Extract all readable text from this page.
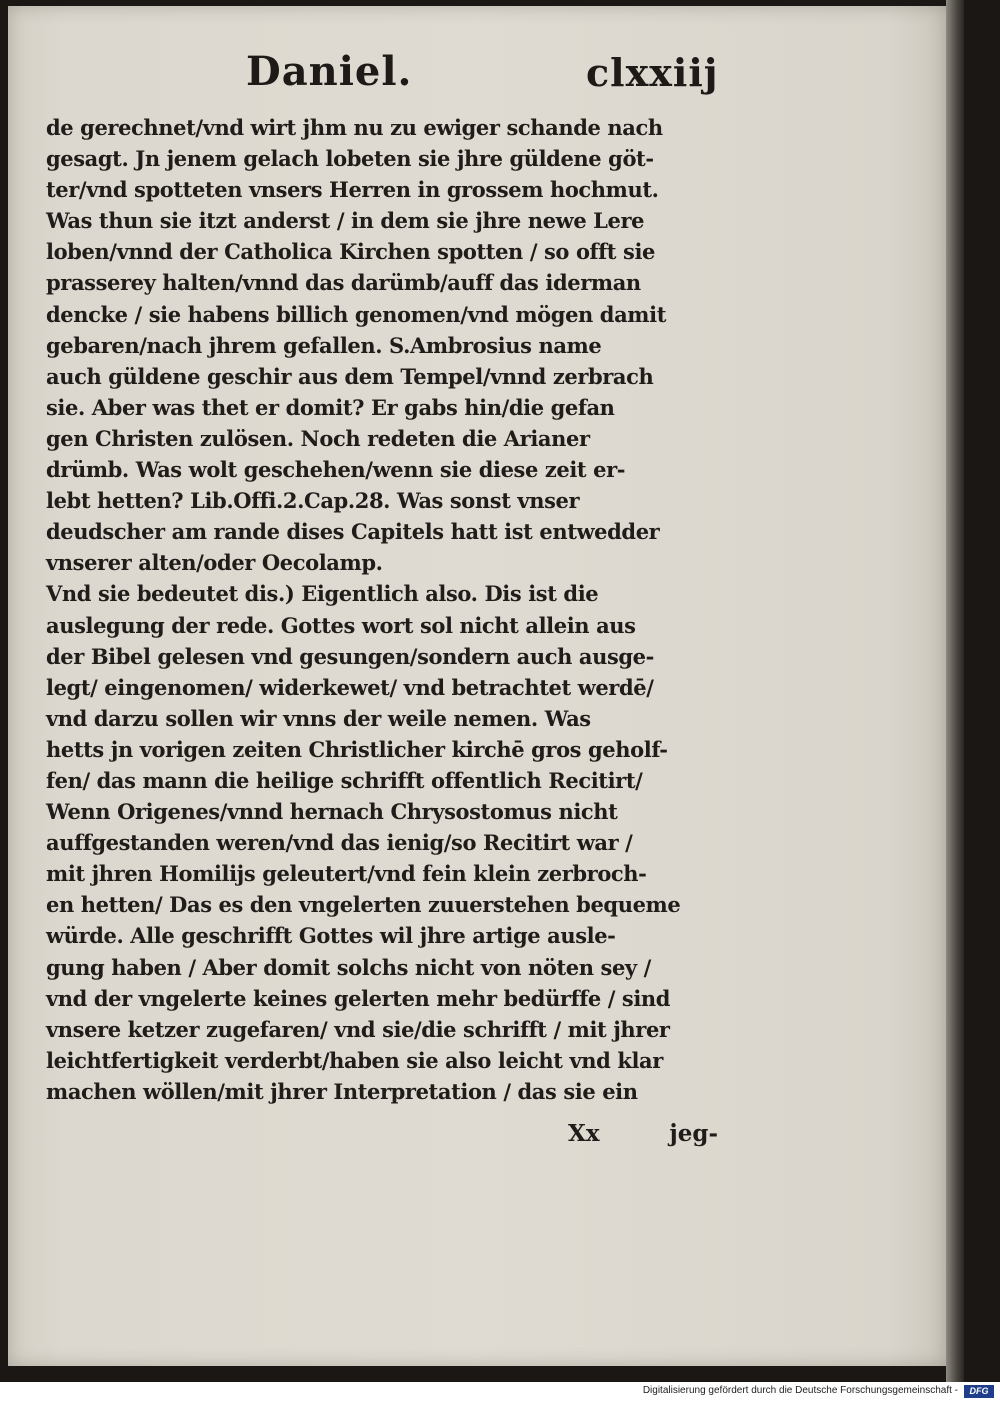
Daniel.	clxxiij
de gerechnet/vnd wirt jhm nu zu ewiger schande nach
gesagt. Jn jenem gelach lobeten sie jhre güldene göt-
ter/vnd spotteten vnsers Herren in grossem hochmut.
Was thun sie itzt anderst / in dem sie jhre newe Lere
loben/vnnd der Catholica Kirchen spotten / so offt sie
prasserey halten/vnnd das darümb/auff das iderman
dencke / sie habens billich genomen/vnd mögen damit
gebaren/nach jhrem gefallen. S.Ambrosius name
auch güldene geschir aus dem Tempel/vnnd zerbrach
sie. Aber was thet er domit? Er gabs hin/die gefan
gen Christen zulösen. Noch redeten die Arianer
drümb. Was wolt geschehen/wenn sie diese zeit er-
lebt hetten? Lib.Offi.2.Cap.28. Was sonst vnser
deudscher am rande dises Capitels hatt ist entwedder
vnserer alten/oder Oecolamp.
Vnd sie bedeutet dis.) Eigentlich also. Dis ist die
auslegung der rede. Gottes wort sol nicht allein aus
der Bibel gelesen vnd gesungen/sondern auch ausge-
legt/ eingenomen/ widerkewet/ vnd betrachtet werdē/
vnd darzu sollen wir vnns der weile nemen. Was
hetts jn vorigen zeiten Christlicher kirchē gros geholf-
fen/ das mann die heilige schrifft offentlich Recitirt/
Wenn Origenes/vnnd hernach Chrysostomus nicht
auffgestanden weren/vnd das ienig/so Recitirt war /
mit jhren Homilijs geleutert/vnd fein klein zerbroch-
en hetten/ Das es den vngelerten zuuerstehen bequeme
würde. Alle geschrifft Gottes wil jhre artige ausle-
gung haben / Aber domit solchs nicht von nöten sey /
vnd der vngelerte keines gelerten mehr bedürffe / sind
vnsere ketzer zugefaren/ vnd sie/die schrifft / mit jhrer
leichtfertigkeit verderbt/haben sie also leicht vnd klar
machen wöllen/mit jhrer Interpretation / das sie ein
Xx	jeg-
Digitalisierung gefördert durch die Deutsche Forschungsgemeinschaft -	DFG
